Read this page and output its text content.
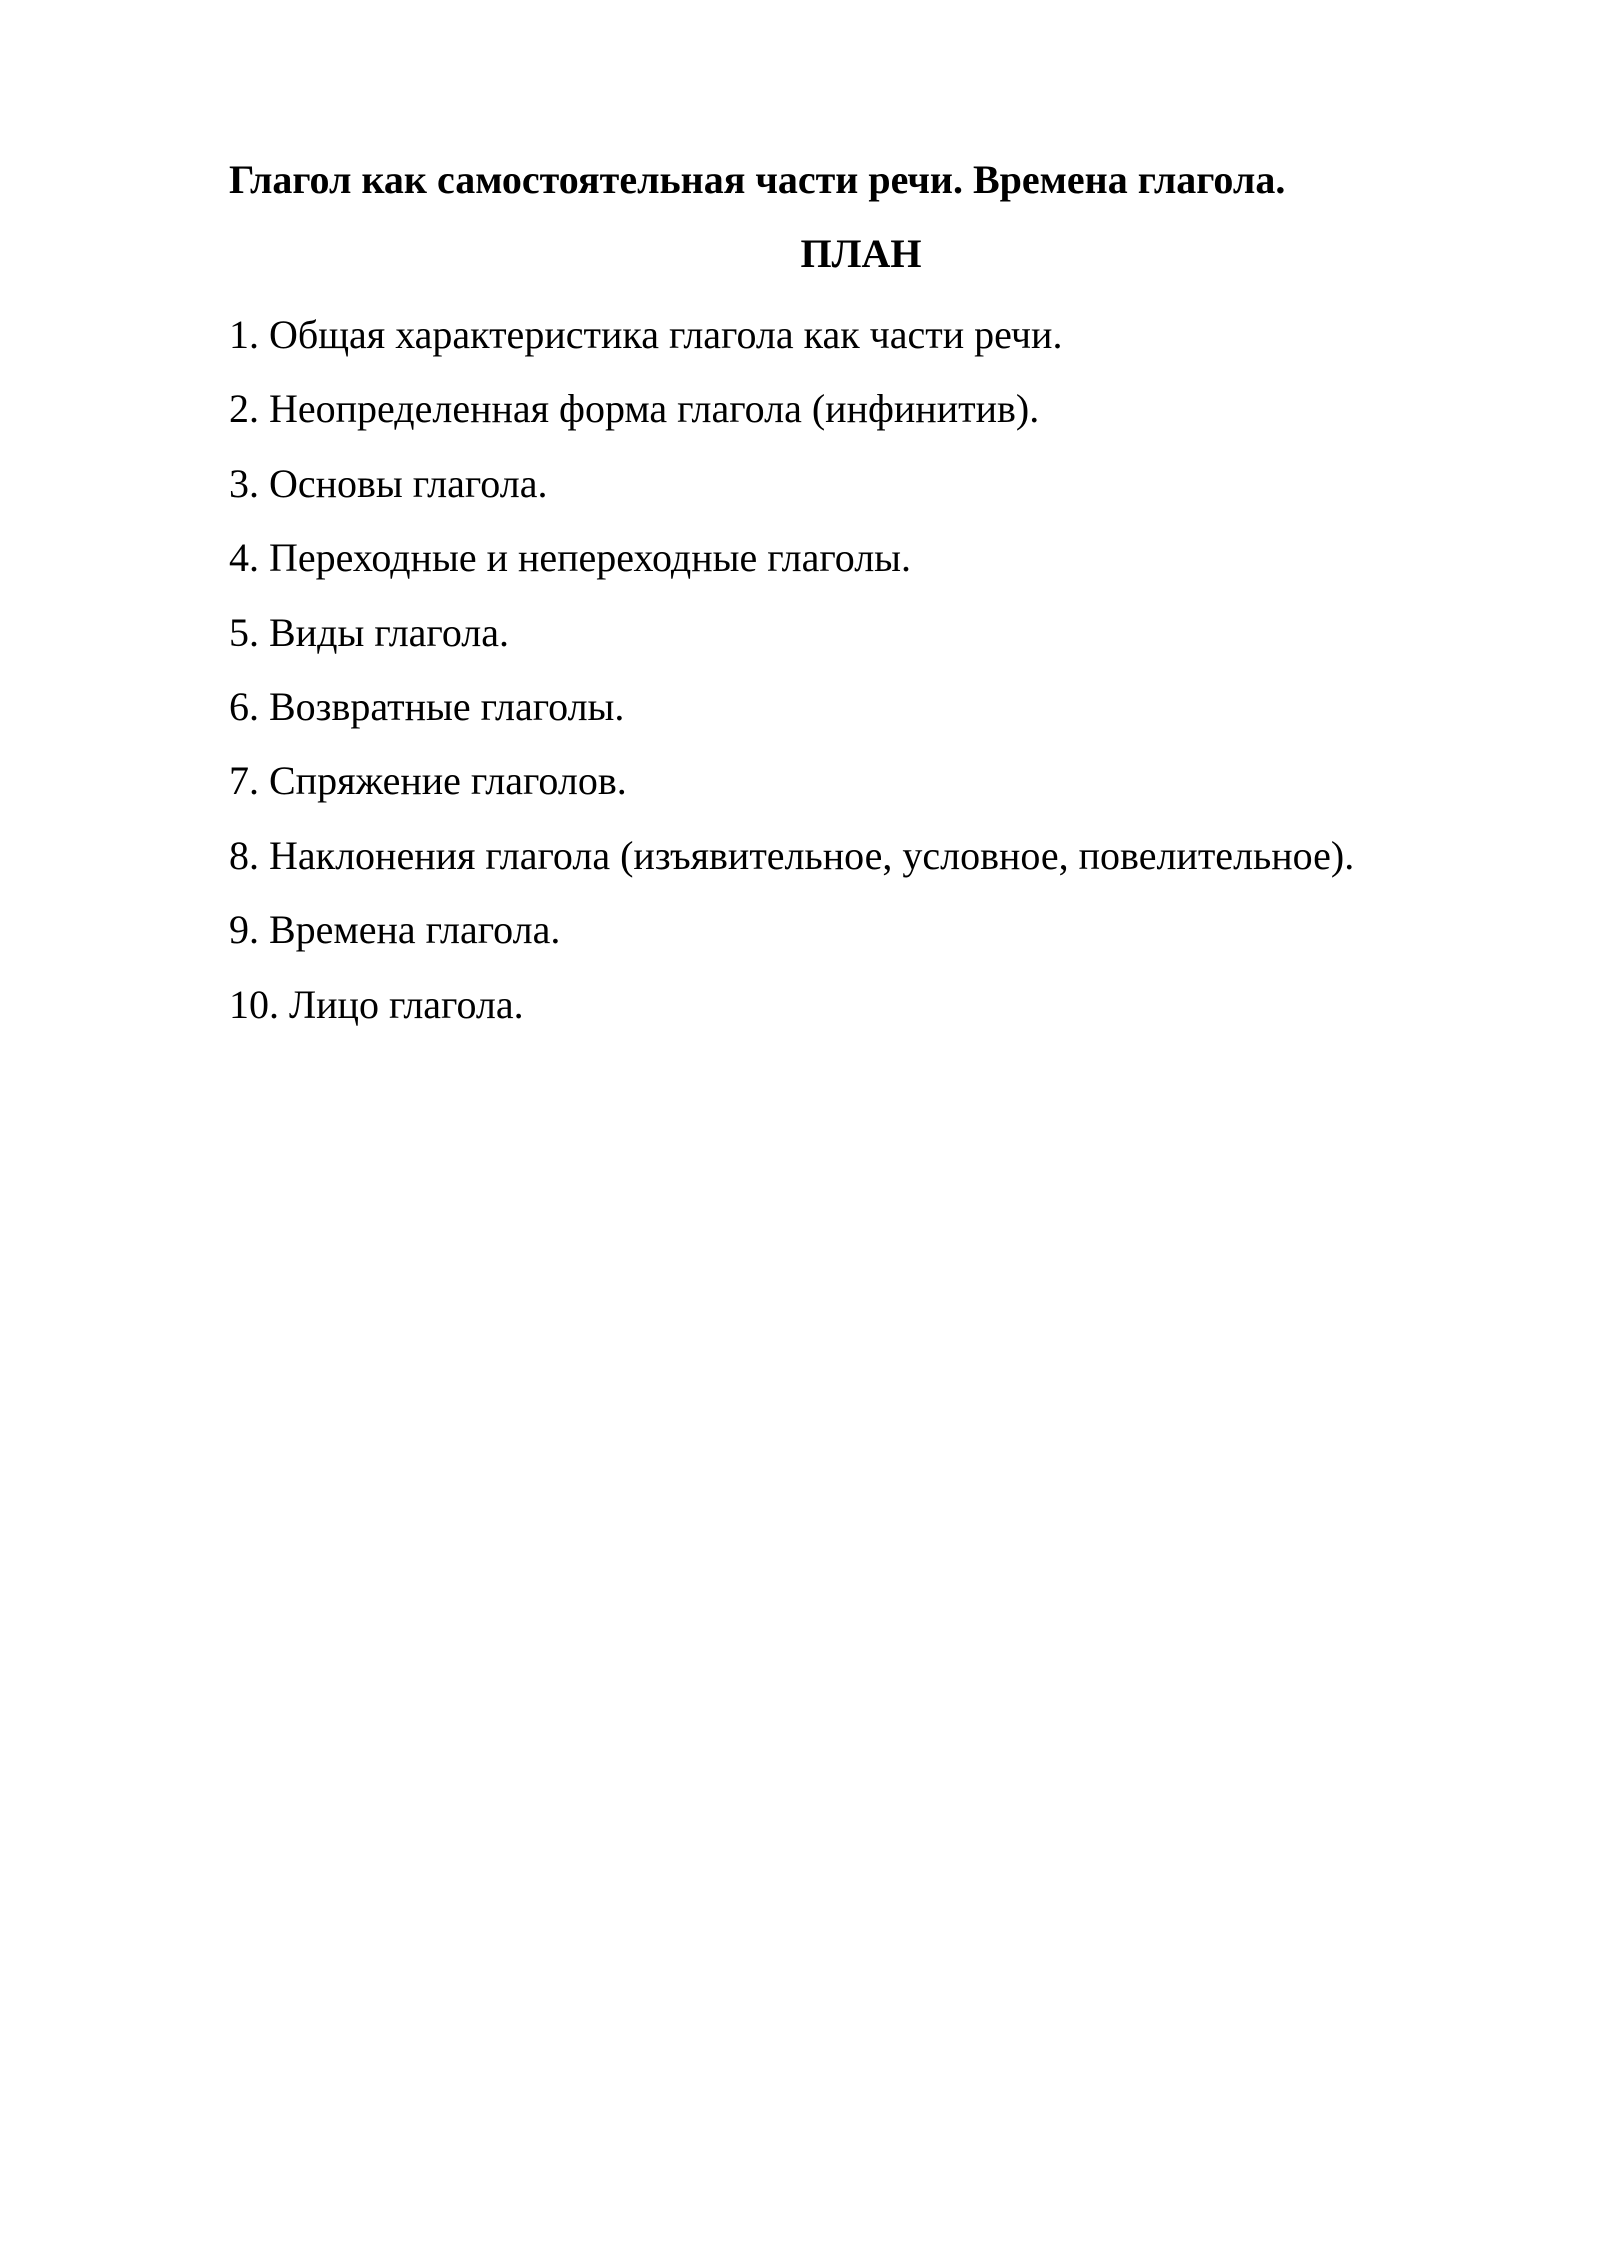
Глагол как самостоятельная части речи. Времена глагола.
ПЛАН
1. Общая характеристика глагола как части речи.
2. Неопределенная форма глагола (инфинитив).
3. Основы глагола.
4. Переходные и непереходные глаголы.
5. Виды глагола.
6. Возвратные глаголы.
7. Спряжение глаголов.
8. Наклонения глагола (изъявительное, условное, повелительное).
9. Времена глагола.
10. Лицо глагола.
